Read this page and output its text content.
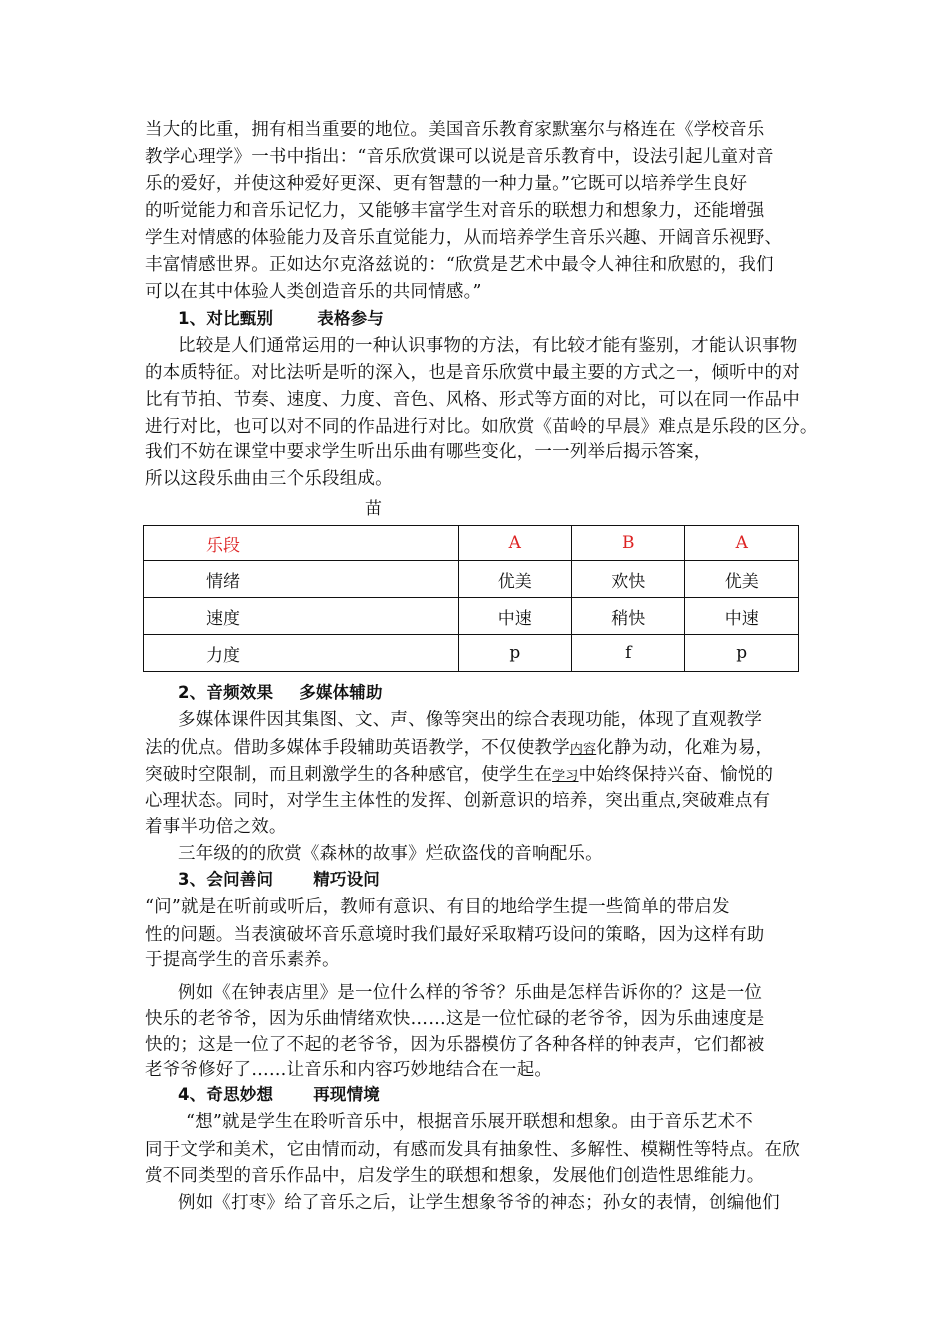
当大的比重，拥有相当重要的地位。美国音乐教育家默塞尔与格连在《学校音乐
教学心理学》一书中指出：“音乐欣赏课可以说是音乐教育中，设法引起儿童对音
乐的爱好，并使这种爱好更深、更有智慧的一种力量。”它既可以培养学生良好
的听觉能力和音乐记忆力，又能够丰富学生对音乐的联想力和想象力，还能增强
学生对情感的体验能力及音乐直觉能力，从而培养学生音乐兴趣、开阔音乐视野、
丰富情感世界。正如达尔克洛兹说的：“欣赏是艺术中最令人神往和欣慰的，我们
可以在其中体验人类创造音乐的共同情感。”
1、对比甄别	表格参与
比较是人们通常运用的一种认识事物的方法，有比较才能有鉴别，才能认识事物
的本质特征。对比法听是听的深入，也是音乐欣赏中最主要的方式之一，倾听中的对
比有节拍、节奏、速度、力度、音色、风格、形式等方面的对比，可以在同一作品中
进行对比，也可以对不同的作品进行对比。如欣赏《苗岭的早晨》难点是乐段的区分。
我们不妨在课堂中要求学生听出乐曲有哪些变化，一一列举后揭示答案，
所以这段乐曲由三个乐段组成。
苗
乐段	A	B	A
情绪	优美	欢快	优美
速度	中速	稍快	中速
力度	p	f	p
2、音频效果 多媒体辅助
多媒体课件因其集图、文、声、像等突出的综合表现功能，体现了直观教学
法的优点。借助多媒体手段辅助英语教学，不仅使教学内容化静为动，化难为易，
突破时空限制，而且刺激学生的各种感官，使学生在学习中始终保持兴奋、愉悦的
心理状态。同时，对学生主体性的发挥、创新意识的培养，突出重点,突破难点有
着事半功倍之效。
三年级的的欣赏《森林的故事》烂砍盗伐的音响配乐。
3、会问善问 精巧设问
“问”就是在听前或听后，教师有意识、有目的地给学生提一些简单的带启发
性的问题。当表演破坏音乐意境时我们最好采取精巧设问的策略，因为这样有助
于提高学生的音乐素养。
例如《在钟表店里》是一位什么样的爷爷？乐曲是怎样告诉你的？这是一位
快乐的老爷爷，因为乐曲情绪欢快……这是一位忙碌的老爷爷，因为乐曲速度是
快的；这是一位了不起的老爷爷，因为乐器模仿了各种各样的钟表声，它们都被
老爷爷修好了……让音乐和内容巧妙地结合在一起。
4、奇思妙想 再现情境
“想”就是学生在聆听音乐中，根据音乐展开联想和想象。由于音乐艺术不
同于文学和美术，它由情而动，有感而发具有抽象性、多解性、模糊性等特点。在欣
赏不同类型的音乐作品中，启发学生的联想和想象，发展他们创造性思维能力。
例如《打枣》给了音乐之后，让学生想象爷爷的神态；孙女的表情，创编他们
